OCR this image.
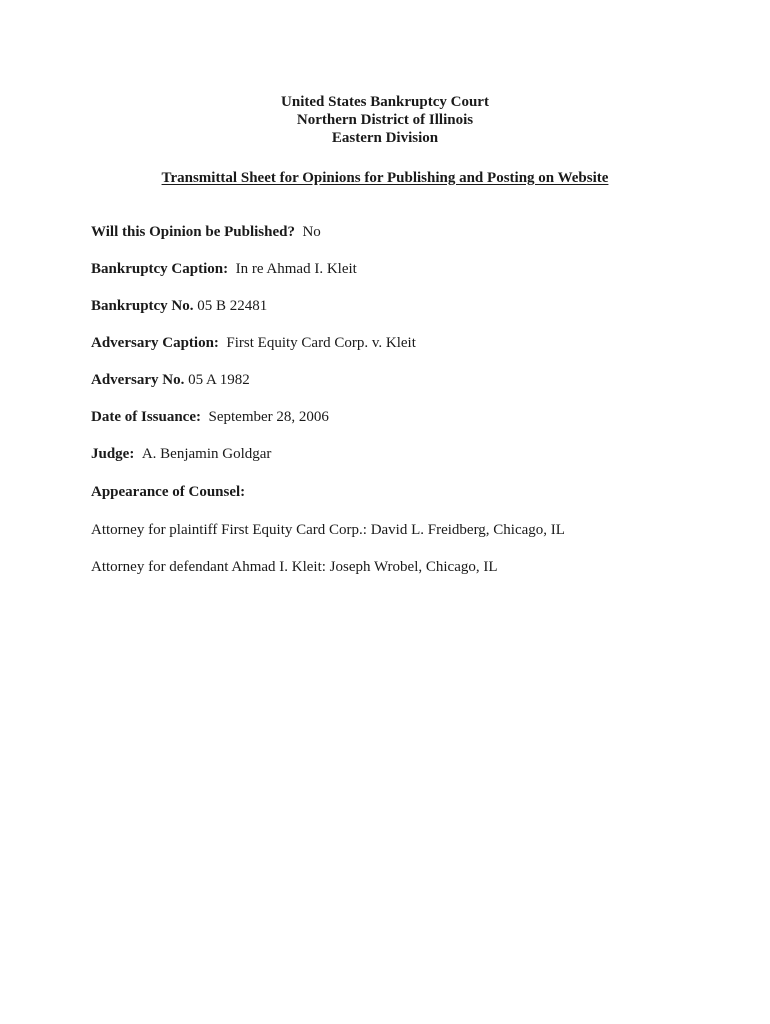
United States Bankruptcy Court
Northern District of Illinois
Eastern Division
Transmittal Sheet for Opinions for Publishing and Posting on Website
Will this Opinion be Published? No
Bankruptcy Caption: In re Ahmad I. Kleit
Bankruptcy No. 05 B 22481
Adversary Caption: First Equity Card Corp. v. Kleit
Adversary No. 05 A 1982
Date of Issuance: September 28, 2006
Judge: A. Benjamin Goldgar
Appearance of Counsel:
Attorney for plaintiff First Equity Card Corp.: David L. Freidberg, Chicago, IL
Attorney for defendant Ahmad I. Kleit: Joseph Wrobel, Chicago, IL
